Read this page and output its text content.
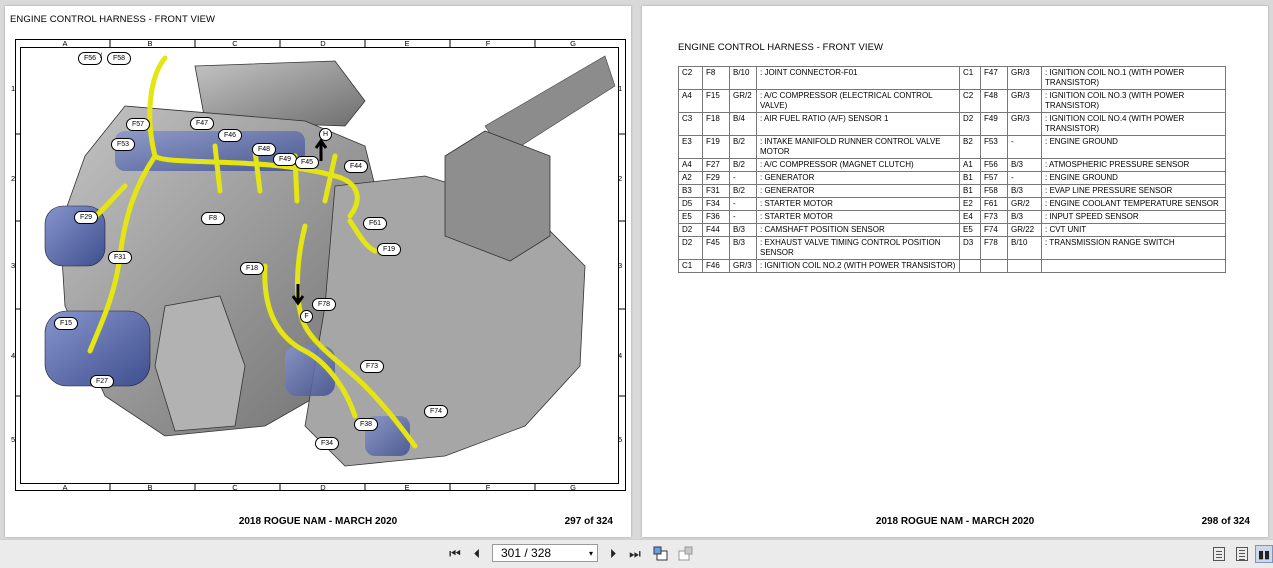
ENGINE CONTROL HARNESS - FRONT VIEW
A	B	C	D	E	F	G
A	B	C	D	E	F	G
1
2
3
4
5
1
2
3
4
5
F56 /	F58
F57	F47
F46
F53
F48
F49	F45
H
F44
F29	F8
F61
F19
F31
F18
F78
F
F15
F27
F73
F74
F38
F34
2018 ROGUE NAM - MARCH 2020	297 of 324
ENGINE CONTROL HARNESS - FRONT VIEW
C2	F8	B/10	: JOINT CONNECTOR-F01	C1	F47	GR/3	: IGNITION COIL NO.1 (WITH POWER TRANSISTOR)
A4	F15	GR/2	: A/C COMPRESSOR (ELECTRICAL CONTROL VALVE)	C2	F48	GR/3	: IGNITION COIL NO.3 (WITH POWER TRANSISTOR)
C3	F18	B/4	: AIR FUEL RATIO (A/F) SENSOR 1	D2	F49	GR/3	: IGNITION COIL NO.4 (WITH POWER TRANSISTOR)
E3	F19	B/2	: INTAKE MANIFOLD RUNNER CONTROL VALVE MOTOR	B2	F53	-	: ENGINE GROUND
A4	F27	B/2	: A/C COMPRESSOR (MAGNET CLUTCH)	A1	F56	B/3	: ATMOSPHERIC PRESSURE SENSOR
A2	F29	-	: GENERATOR	B1	F57	-	: ENGINE GROUND
B3	F31	B/2	: GENERATOR	B1	F58	B/3	: EVAP LINE PRESSURE SENSOR
D5	F34	-	: STARTER MOTOR	E2	F61	GR/2	: ENGINE COOLANT TEMPERATURE SENSOR
E5	F36	-	: STARTER MOTOR	E4	F73	B/3	: INPUT SPEED SENSOR
D2	F44	B/3	: CAMSHAFT POSITION SENSOR	E5	F74	GR/22	: CVT UNIT
D2	F45	B/3	: EXHAUST VALVE TIMING CONTROL POSITION SENSOR	D3	F78	B/10	: TRANSMISSION RANGE SWITCH
C1	F46	GR/3	: IGNITION COIL NO.2 (WITH POWER TRANSISTOR)				
2018 ROGUE NAM - MARCH 2020	298 of 324
⏮ ⏴ 301 / 328	▾ ⏵ ⏭	▮▮
